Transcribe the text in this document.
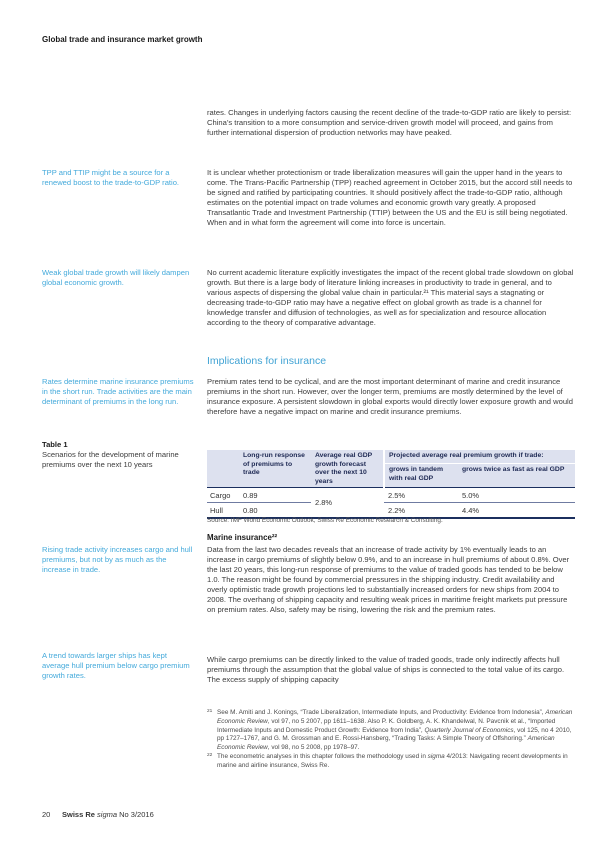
Global trade and insurance market growth
rates. Changes in underlying factors causing the recent decline of the trade-to-GDP ratio are likely to persist: China’s transition to a more consumption and service-driven growth model will proceed, and gains from further international dispersion of production networks may have peaked.
TPP and TTIP might be a source for a renewed boost to the trade-to-GDP ratio.
It is unclear whether protectionism or trade liberalization measures will gain the upper hand in the years to come. The Trans-Pacific Partnership (TPP) reached agreement in October 2015, but the accord still needs to be signed and ratified by participating countries. It should positively affect the trade-to-GDP ratio, although estimates on the potential impact on trade volumes and economic growth vary greatly. A proposed Transatlantic Trade and Investment Partnership (TTIP) between the US and the EU is still being negotiated. When and in what form the agreement will come into force is uncertain.
Weak global trade growth will likely dampen global economic growth.
No current academic literature explicitly investigates the impact of the recent global trade slowdown on global growth. But there is a large body of literature linking increases in productivity to trade in general, and to various aspects of dispersing the global value chain in particular.²¹ This material says a stagnating or decreasing trade-to-GDP ratio may have a negative effect on global growth as trade is a channel for knowledge transfer and diffusion of technologies, as well as for specialization and resource allocation according to the theory of comparative advantage.
Implications for insurance
Rates determine marine insurance premiums in the short run. Trade activities are the main determinant of premiums in the long run.
Premium rates tend to be cyclical, and are the most important determinant of marine and credit insurance premiums in the short run. However, over the longer term, premiums are mostly determined by the level of insurance exposure. A persistent slowdown in global exports would directly lower exposure growth and would therefore have a negative impact on marine and credit insurance premiums.
Table 1
Scenarios for the development of marine premiums over the next 10 years
	Long-run response of premiums to trade	Average real GDP growth forecast over the next 10 years	Projected average real premium growth if trade:	
			grows in tandem with real GDP	grows twice as fast as real GDP
Cargo	0.89	2.8%	2.5%	5.0%
Hull	0.80		2.2%	4.4%
Source: IMF World Economic Outlook, Swiss Re Economic Research & Consulting.
Marine insurance²²
Rising trade activity increases cargo and hull premiums, but not by as much as the increase in trade.
Data from the last two decades reveals that an increase of trade activity by 1% eventually leads to an increase in cargo premiums of slightly below 0.9%, and to an increase in hull premiums of about 0.8%. Over the last 20 years, this long-run response of premiums to the value of traded goods has tended to be below 1.0. The reason might be found by commercial pressures in the shipping industry. Credit availability and overly optimistic trade growth projections led to substantially increased orders for new ships from 2004 to 2008. The overhang of shipping capacity and resulting weak prices in maritime freight markets put pressure on premium rates. Also, safety may be rising, lowering the risk and the premium rates.
A trend towards larger ships has kept average hull premium below cargo premium growth rates.
While cargo premiums can be directly linked to the value of traded goods, trade only indirectly affects hull premiums through the assumption that the global value of ships is connected to the total value of its cargo. The excess supply of shipping capacity
21 See M. Amiti and J. Konings, “Trade Liberalization, Intermediate Inputs, and Productivity: Evidence from Indonesia”, American Economic Review, vol 97, no 5 2007, pp 1611–1638. Also P. K. Goldberg, A. K. Khandelwal, N. Pavcnik et al., “Imported Intermediate Inputs and Domestic Product Growth: Evidence from India”, Quarterly Journal of Economics, vol 125, no 4 2010, pp 1727–1767, and G. M. Grossman and E. Rossi-Hansberg, “Trading Tasks: A Simple Theory of Offshoring.” American Economic Review, vol 98, no 5 2008, pp 1978–97.
22 The econometric analyses in this chapter follows the methodology used in sigma 4/2013: Navigating recent developments in marine and airline insurance, Swiss Re.
20 Swiss Re sigma No 3/2016
